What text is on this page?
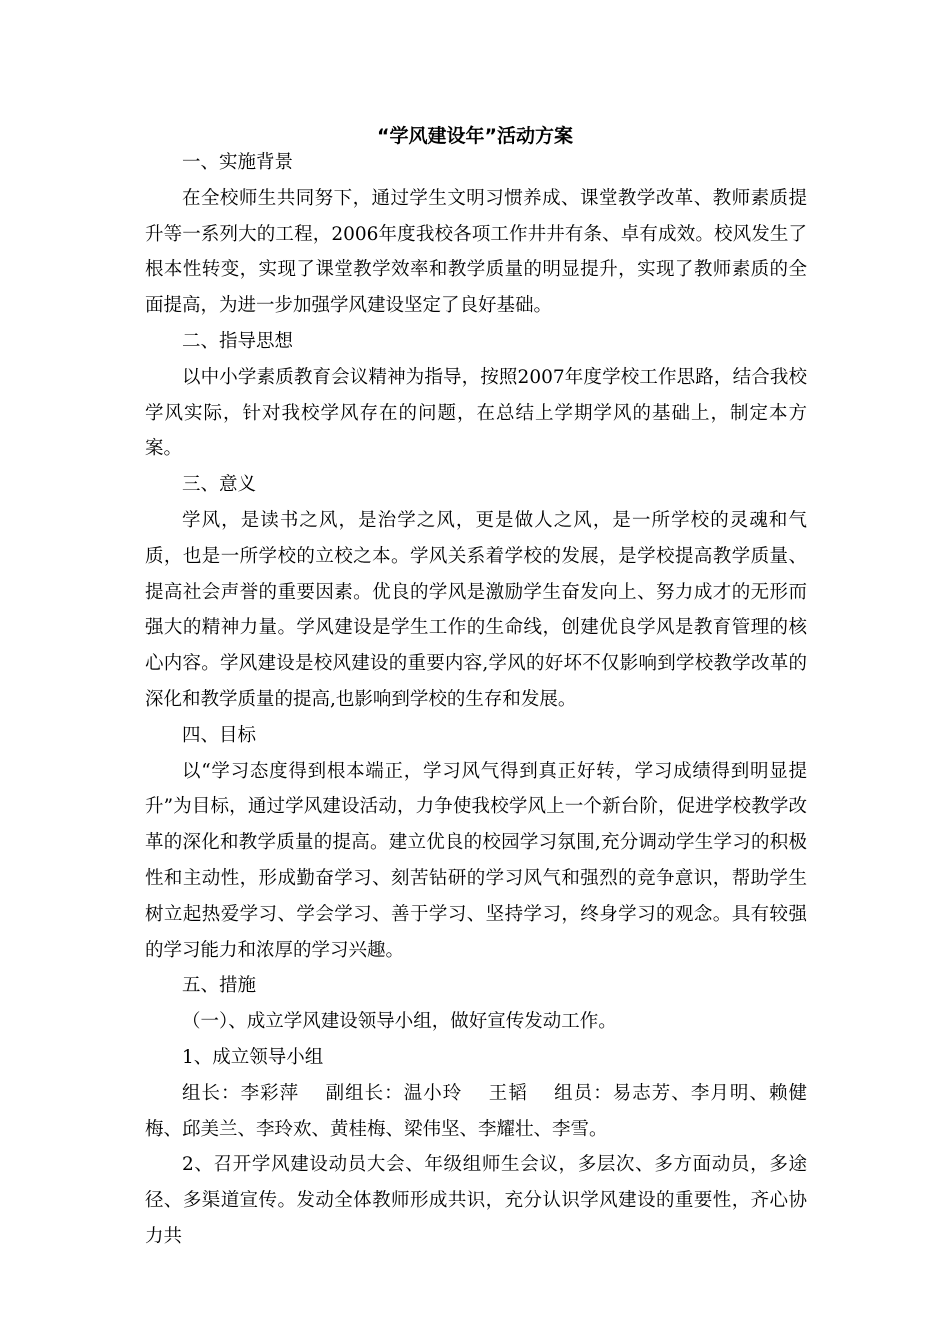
“学风建设年”活动方案

一、实施背景

在全校师生共同努下，通过学生文明习惯养成、课堂教学改革、教师素质提升等一系列大的工程，2006年度我校各项工作井井有条、卓有成效。校风发生了根本性转变，实现了课堂教学效率和教学质量的明显提升，实现了教师素质的全面提高，为进一步加强学风建设坚定了良好基础。

二、指导思想

以中小学素质教育会议精神为指导，按照2007年度学校工作思路，结合我校学风实际，针对我校学风存在的问题，在总结上学期学风的基础上，制定本方案。

三、意义

学风，是读书之风，是治学之风，更是做人之风，是一所学校的灵魂和气质，也是一所学校的立校之本。学风关系着学校的发展，是学校提高教学质量、提高社会声誉的重要因素。优良的学风是激励学生奋发向上、努力成才的无形而强大的精神力量。学风建设是学生工作的生命线，创建优良学风是教育管理的核心内容。学风建设是校风建设的重要内容,学风的好坏不仅影响到学校教学改革的深化和教学质量的提高,也影响到学校的生存和发展。

四、目标

以“学习态度得到根本端正，学习风气得到真正好转，学习成绩得到明显提升”为目标，通过学风建设活动，力争使我校学风上一个新台阶，促进学校教学改革的深化和教学质量的提高。建立优良的校园学习氛围,充分调动学生学习的积极性和主动性，形成勤奋学习、刻苦钻研的学习风气和强烈的竞争意识，帮助学生树立起热爱学习、学会学习、善于学习、坚持学习，终身学习的观念。具有较强的学习能力和浓厚的学习兴趣。

五、措施

（一）、成立学风建设领导小组，做好宣传发动工作。

1、成立领导小组

组长：李彩萍　 副组长：温小玲　 王韬　 组员：易志芳、李月明、赖健梅、邱美兰、李玲欢、黄桂梅、梁伟坚、李耀壮、李雪。

2、召开学风建设动员大会、年级组师生会议，多层次、多方面动员，多途径、多渠道宣传。发动全体教师形成共识，充分认识学风建设的重要性，齐心协力共
